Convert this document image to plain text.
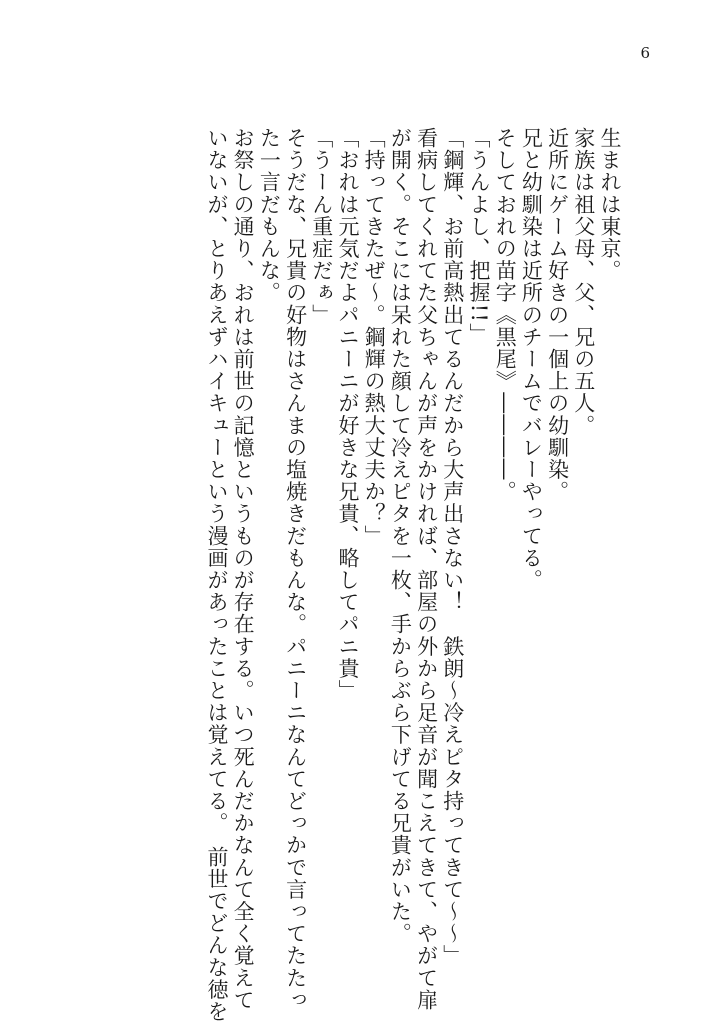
6
生まれは東京。
家族は祖父母、父、兄の五人。
近所にゲーム好きの一個上の幼馴染。
兄と幼馴染は近所のチームでバレーやってる。
そしておれの苗字《黒尾》――――。
「うんよし、把握!!」
「鋼輝、お前高熱出てるんだから大声出さない！　鉄朗〜冷えピタ持ってきて〜〜」
看病してくれてた父ちゃんが声をかければ、部屋の外から足音が聞こえてきて、やがて扉
が開く。そこには呆れた顔して冷えピタを一枚、手からぶら下げてる兄貴がいた。
「持ってきたぜ〜。鋼輝の熱大丈夫か？」
「おれは元気だよパニーニが好きな兄貴、略してパニ貴」
「うーん重症だぁ」
そうだな、兄貴の好物はさんまの塩焼きだもんな。パニーニなんてどっかで言ってたたっ
た一言だもんな。
お祭しの通り、おれは前世の記憶というものが存在する。いつ死んだかなんて全く覚えて
いないが、とりあえずハイキューという漫画があったことは覚えてる。　前世でどんな徳を
